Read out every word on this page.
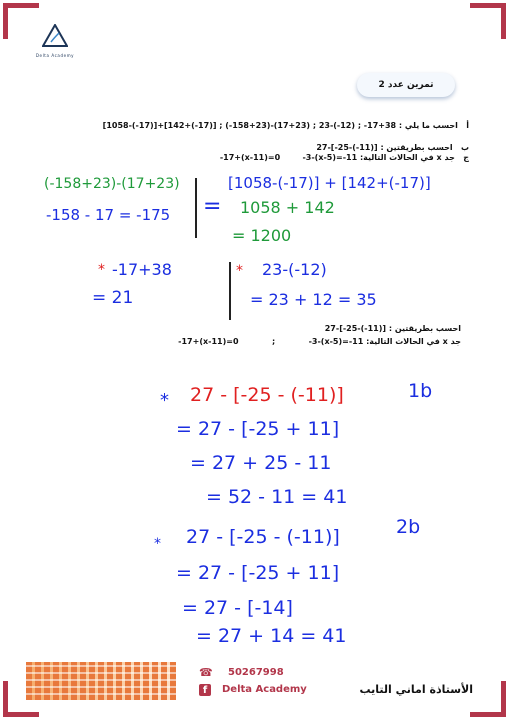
Delta Academy
تمرين عدد 2
أ   احسب ما يلي : [1058-(-17)]+[142+(-17)] ; (-158+23)-(17+23) ; 23-(-12) ; -17+38
ب   احسب بطريقتين : 27-[-25-(-11)]
ج   جد x في الحالات التالية: -17+(x-11)=0	-3-(x-5)=-11
(-158+23)-(17+23)
-158 - 17 = -175 =
[1058-(-17)] + [142+(-17)]
1058 + 142
= 1200
* -17+38
= 21
* 23-(-12)
= 23 + 12 = 35
احسب بطريقتين : 27-[-25-(-11)]
جد x في الحالات التالية: -17+(x-11)=0	;	-3-(x-5)=-11
* 27 - [-25 - (-11)]	1b
= 27 - [-25 + 11]
= 27 + 25 - 11
= 52 - 11 = 41
* 27 - [-25 - (-11)]	2b
= 27 - [-25 + 11]
= 27 - [-14]
= 27 + 14 = 41
☎ 50267998
f	Delta Academy	الأستاذة اماني التايب
